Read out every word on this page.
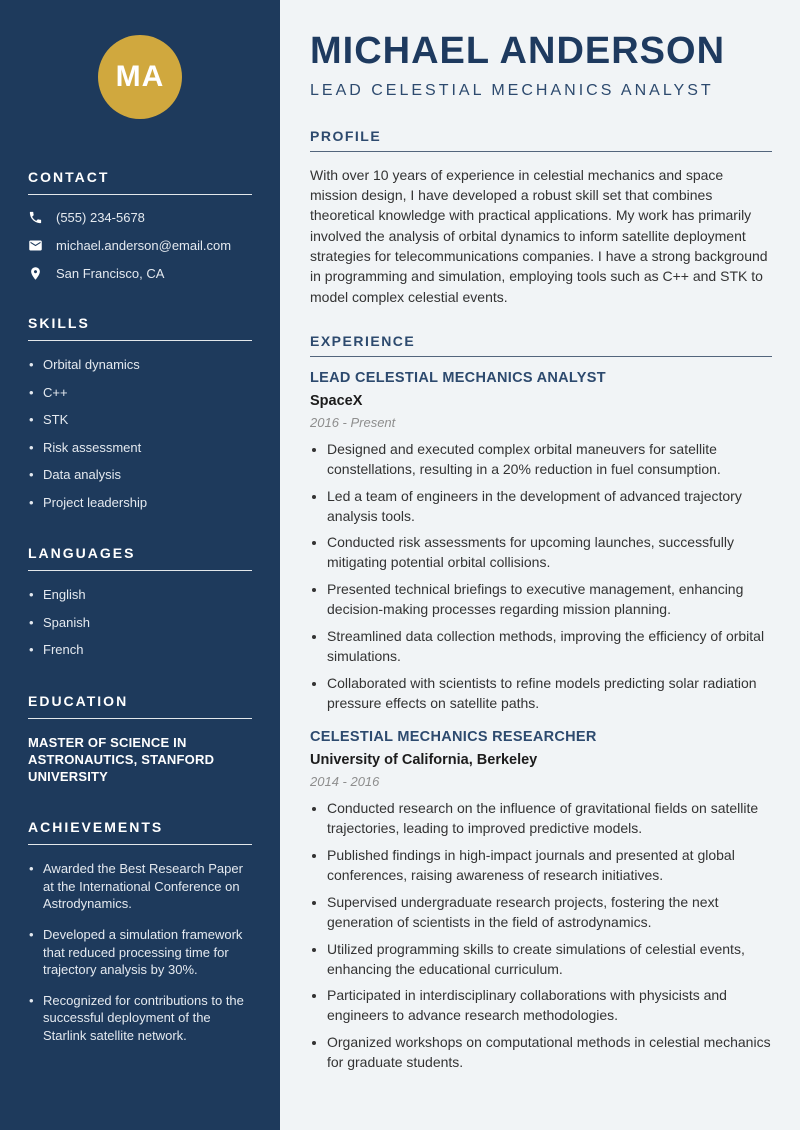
MA
CONTACT
(555) 234-5678
michael.anderson@email.com
San Francisco, CA
SKILLS
• Orbital dynamics
• C++
• STK
• Risk assessment
• Data analysis
• Project leadership
LANGUAGES
• English
• Spanish
• French
EDUCATION

MASTER OF SCIENCE IN ASTRONAUTICS, STANFORD UNIVERSITY

ACHIEVEMENTS
• Awarded the Best Research Paper at the International Conference on Astrodynamics.
• Developed a simulation framework that reduced processing time for trajectory analysis by 30%.
• Recognized for contributions to the successful deployment of the Starlink satellite network.
MICHAEL ANDERSON

LEAD CELESTIAL MECHANICS ANALYST

PROFILE

With over 10 years of experience in celestial mechanics and space mission design, I have developed a robust skill set that combines theoretical knowledge with practical applications. My work has primarily involved the analysis of orbital dynamics to inform satellite deployment strategies for telecommunications companies. I have a strong background in programming and simulation, employing tools such as C++ and STK to model complex celestial events.

EXPERIENCE
LEAD CELESTIAL MECHANICS ANALYST

SpaceX

2016 - Present

• Designed and executed complex orbital maneuvers for satellite constellations, resulting in a 20% reduction in fuel consumption.
• Led a team of engineers in the development of advanced trajectory analysis tools.
• Conducted risk assessments for upcoming launches, successfully mitigating potential orbital collisions.
• Presented technical briefings to executive management, enhancing decision-making processes regarding mission planning.
• Streamlined data collection methods, improving the efficiency of orbital simulations.
• Collaborated with scientists to refine models predicting solar radiation pressure effects on satellite paths.
CELESTIAL MECHANICS RESEARCHER

University of California, Berkeley

2014 - 2016

• Conducted research on the influence of gravitational fields on satellite trajectories, leading to improved predictive models.
• Published findings in high-impact journals and presented at global conferences, raising awareness of research initiatives.
• Supervised undergraduate research projects, fostering the next generation of scientists in the field of astrodynamics.
• Utilized programming skills to create simulations of celestial events, enhancing the educational curriculum.
• Participated in interdisciplinary collaborations with physicists and engineers to advance research methodologies.
• Organized workshops on computational methods in celestial mechanics for graduate students.
